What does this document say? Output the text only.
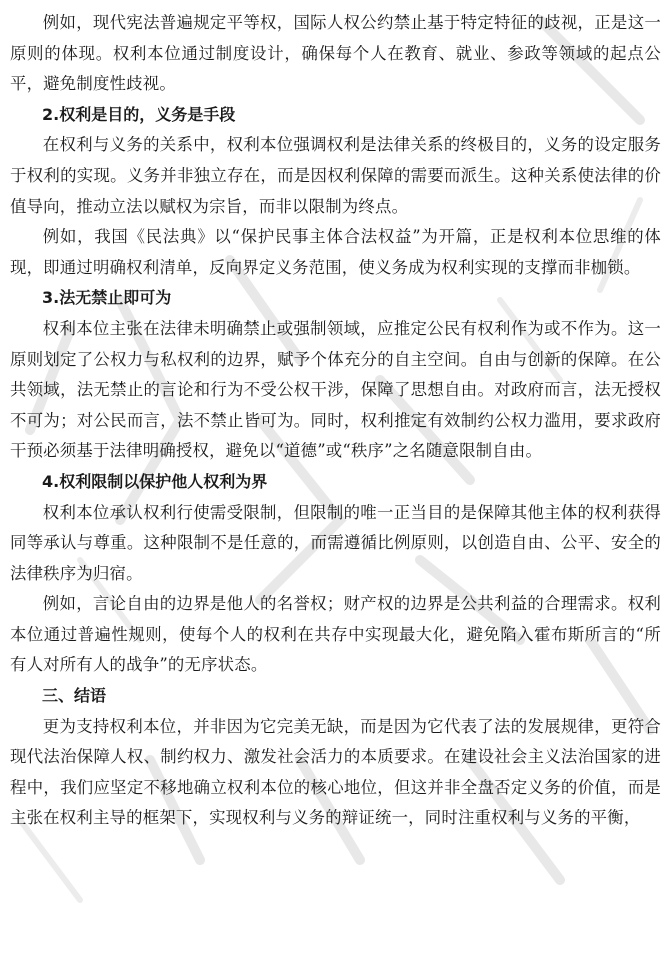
例如，现代宪法普遍规定平等权，国际人权公约禁止基于特定特征的歧视，正是这一原则的体现。权利本位通过制度设计，确保每个人在教育、就业、参政等领域的起点公平，避免制度性歧视。

2.权利是目的，义务是手段

在权利与义务的关系中，权利本位强调权利是法律关系的终极目的，义务的设定服务于权利的实现。义务并非独立存在，而是因权利保障的需要而派生。这种关系使法律的价值导向，推动立法以赋权为宗旨，而非以限制为终点。

例如，我国《民法典》以“保护民事主体合法权益”为开篇，正是权利本位思维的体现，即通过明确权利清单，反向界定义务范围，使义务成为权利实现的支撑而非枷锁。

3.法无禁止即可为

权利本位主张在法律未明确禁止或强制领域，应推定公民有权利作为或不作为。这一原则划定了公权力与私权利的边界，赋予个体充分的自主空间。自由与创新的保障。在公共领域，法无禁止的言论和行为不受公权干涉，保障了思想自由。对政府而言，法无授权不可为；对公民而言，法不禁止皆可为。同时，权利推定有效制约公权力滥用，要求政府干预必须基于法律明确授权，避免以“道德”或“秩序”之名随意限制自由。

4.权利限制以保护他人权利为界

权利本位承认权利行使需受限制，但限制的唯一正当目的是保障其他主体的权利获得同等承认与尊重。这种限制不是任意的，而需遵循比例原则，以创造自由、公平、安全的法律秩序为归宿。

例如，言论自由的边界是他人的名誉权；财产权的边界是公共利益的合理需求。权利本位通过普遍性规则，使每个人的权利在共存中实现最大化，避免陷入霍布斯所言的“所有人对所有人的战争”的无序状态。

三、结语

更为支持权利本位，并非因为它完美无缺，而是因为它代表了法的发展规律，更符合现代法治保障人权、制约权力、激发社会活力的本质要求。在建设社会主义法治国家的进程中，我们应坚定不移地确立权利本位的核心地位，但这并非全盘否定义务的价值，而是主张在权利主导的框架下，实现权利与义务的辩证统一，同时注重权利与义务的平衡，
